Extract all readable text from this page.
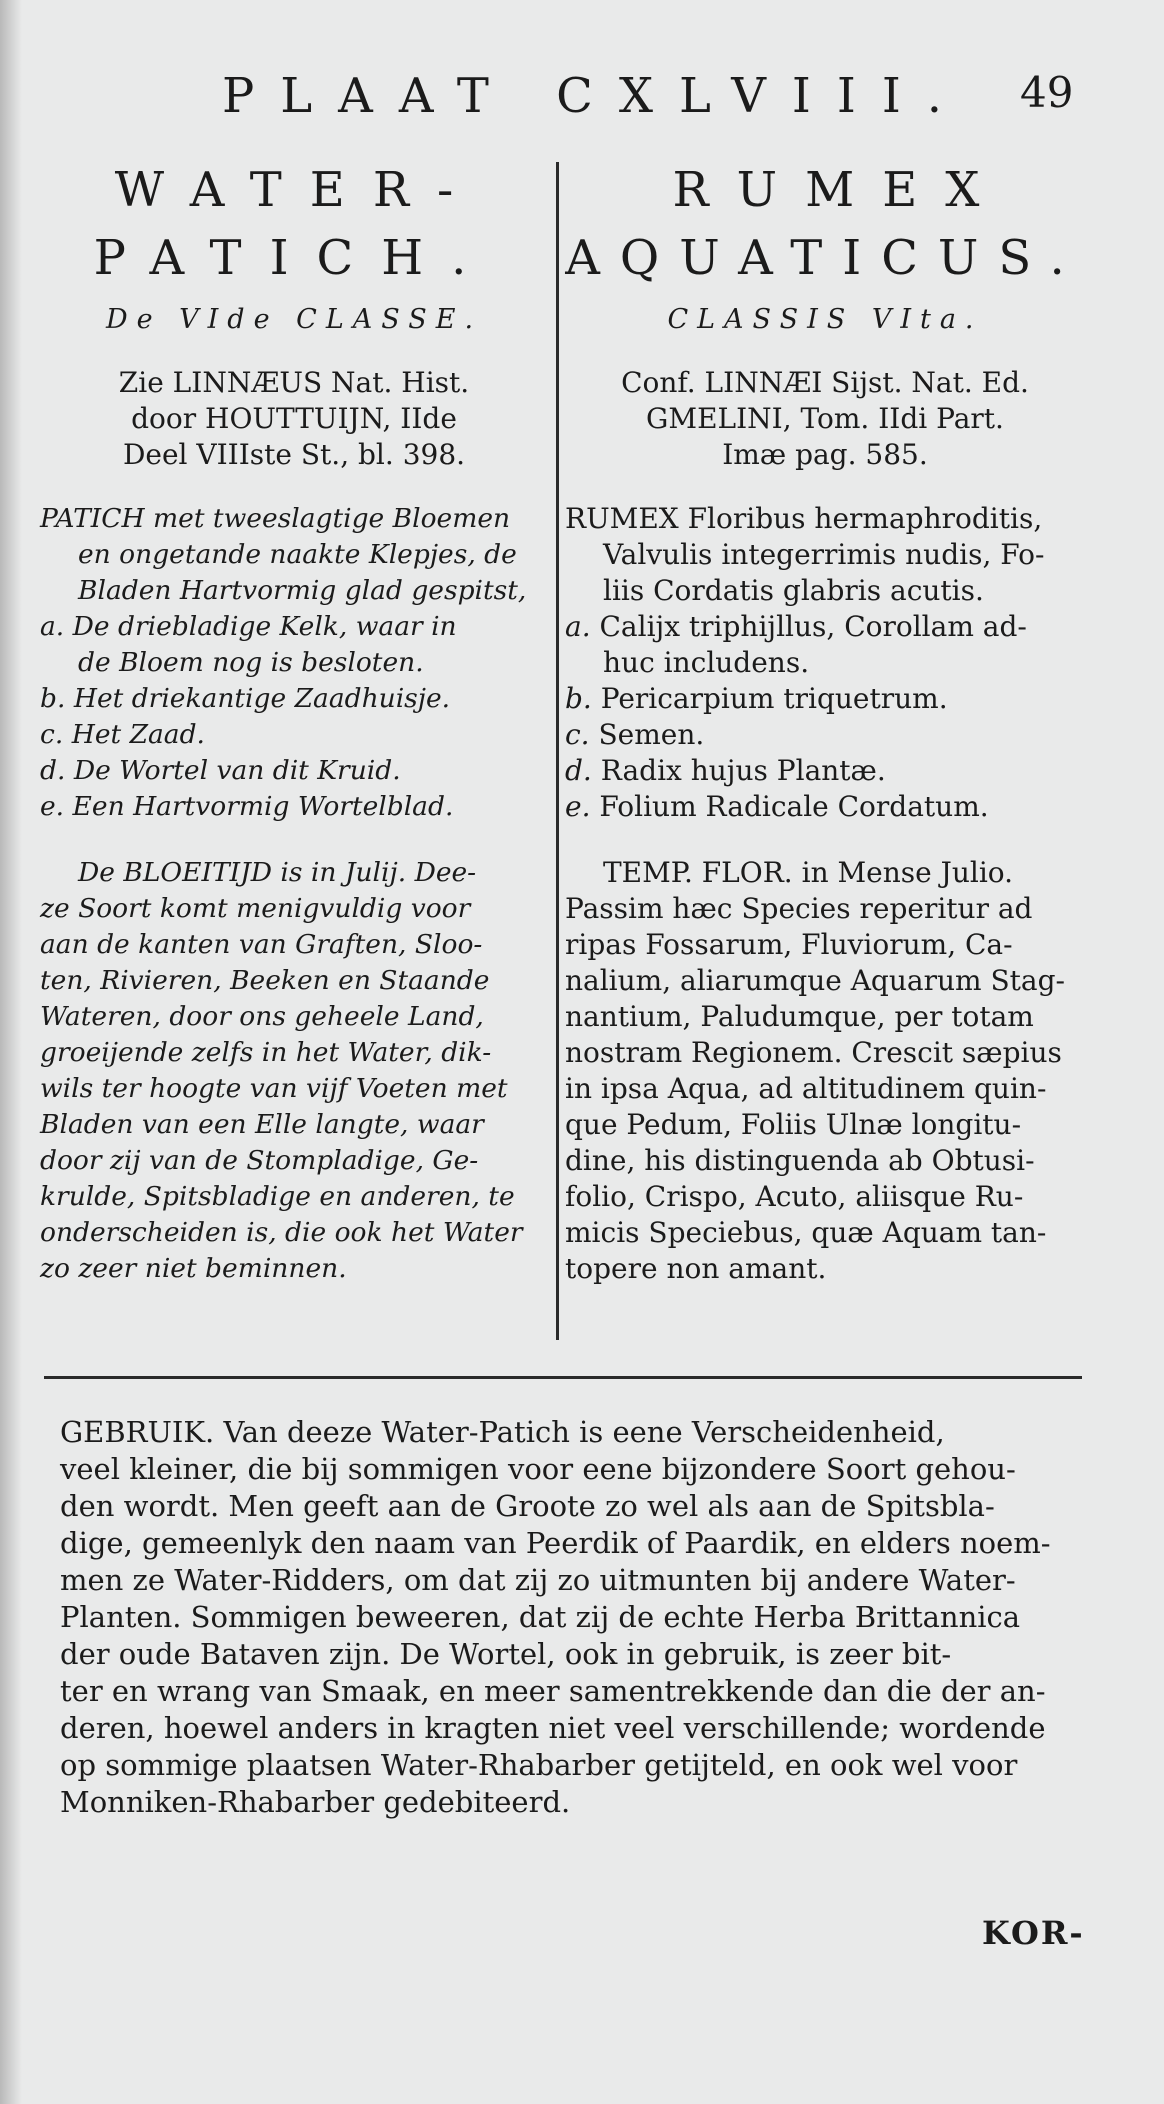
PLAAT CXLVIII. 49

WATER-

PATICH.

De VIde CLASSE.
Zie LINNÆUS Nat. Hist.
door HOUTTUIJN, IIde
Deel VIIIste St., bl. 398.
PATICH met tweeslagtige Bloemen
en ongetande naakte Klepjes, de
Bladen Hartvormig glad gespitst,
a. De driebladige Kelk, waar in
de Bloem nog is besloten.
b. Het driekantige Zaadhuisje.
c. Het Zaad.
d. De Wortel van dit Kruid.
e. Een Hartvormig Wortelblad.
De BLOEITIJD is in Julij. Dee-
ze Soort komt menigvuldig voor
aan de kanten van Graften, Sloo-
ten, Rivieren, Beeken en Staande
Wateren, door ons geheele Land,
groeijende zelfs in het Water, dik-
wils ter hoogte van vijf Voeten met
Bladen van een Elle langte, waar
door zij van de Stompladige, Ge-
krulde, Spitsbladige en anderen, te
onderscheiden is, die ook het Water
zo zeer niet beminnen.

RUMEX

AQUATICUS.

CLASSIS VIta.
Conf. LINNÆI Sijst. Nat. Ed.
GMELINI, Tom. IIdi Part.
Imæ pag. 585.
RUMEX Floribus hermaphroditis,
Valvulis integerrimis nudis, Fo-
liis Cordatis glabris acutis.
a. Calijx triphijllus, Corollam ad-
huc includens.
b. Pericarpium triquetrum.
c. Semen.
d. Radix hujus Plantæ.
e. Folium Radicale Cordatum.
TEMP. FLOR. in Mense Julio.
Passim hæc Species reperitur ad
ripas Fossarum, Fluviorum, Ca-
nalium, aliarumque Aquarum Stag-
nantium, Paludumque, per totam
nostram Regionem. Crescit sæpius
in ipsa Aqua, ad altitudinem quin-
que Pedum, Foliis Ulnæ longitu-
dine, his distinguenda ab Obtusi-
folio, Crispo, Acuto, aliisque Ru-
micis Speciebus, quæ Aquam tan-
topere non amant.
GEBRUIK. Van deeze Water-Patich is eene Verscheidenheid,
veel kleiner, die bij sommigen voor eene bijzondere Soort gehou-
den wordt. Men geeft aan de Groote zo wel als aan de Spitsbla-
dige, gemeenlyk den naam van Peerdik of Paardik, en elders noem-
men ze Water-Ridders, om dat zij zo uitmunten bij andere Water-
Planten. Sommigen beweeren, dat zij de echte Herba Brittannica
der oude Bataven zijn. De Wortel, ook in gebruik, is zeer bit-
ter en wrang van Smaak, en meer samentrekkende dan die der an-
deren, hoewel anders in kragten niet veel verschillende; wordende
op sommige plaatsen Water-Rhabarber getijteld, en ook wel voor
Monniken-Rhabarber gedebiteerd.
KOR-
